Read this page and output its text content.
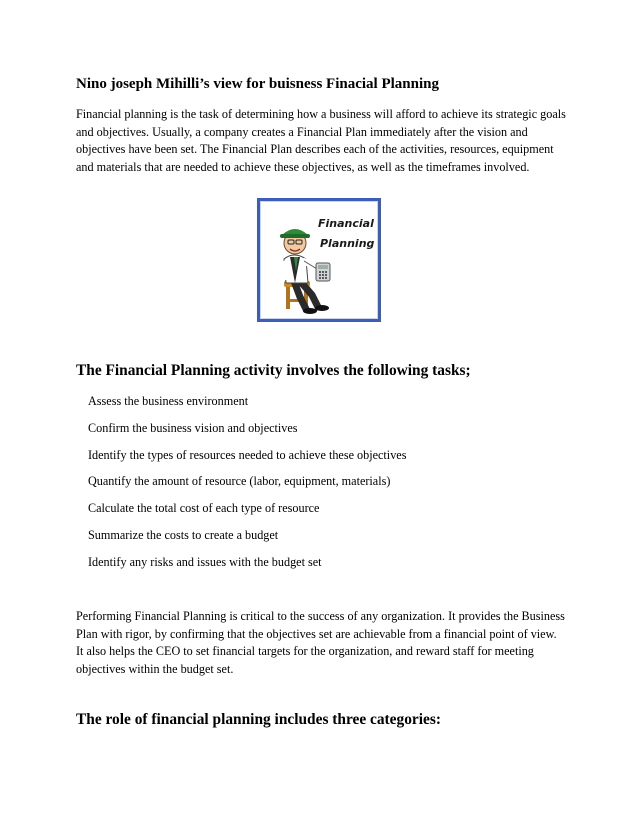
Nino joseph Mihilli’s view for buisness Finacial Planning

Financial planning is the task of determining how a business will afford to achieve its strategic goals and objectives. Usually, a company creates a Financial Plan immediately after the vision and objectives have been set. The Financial Plan describes each of the activities, resources, equipment and materials that are needed to achieve these objectives, as well as the timeframes involved.

Financial
Planning
The Financial Planning activity involves the following tasks;
Assess the business environment
Confirm the business vision and objectives
Identify the types of resources needed to achieve these objectives
Quantify the amount of resource (labor, equipment, materials)
Calculate the total cost of each type of resource
Summarize the costs to create a budget
Identify any risks and issues with the budget set

Performing Financial Planning is critical to the success of any organization. It provides the Business Plan with rigor, by confirming that the objectives set are achievable from a financial point of view. It also helps the CEO to set financial targets for the organization, and reward staff for meeting objectives within the budget set.

The role of financial planning includes three categories:
